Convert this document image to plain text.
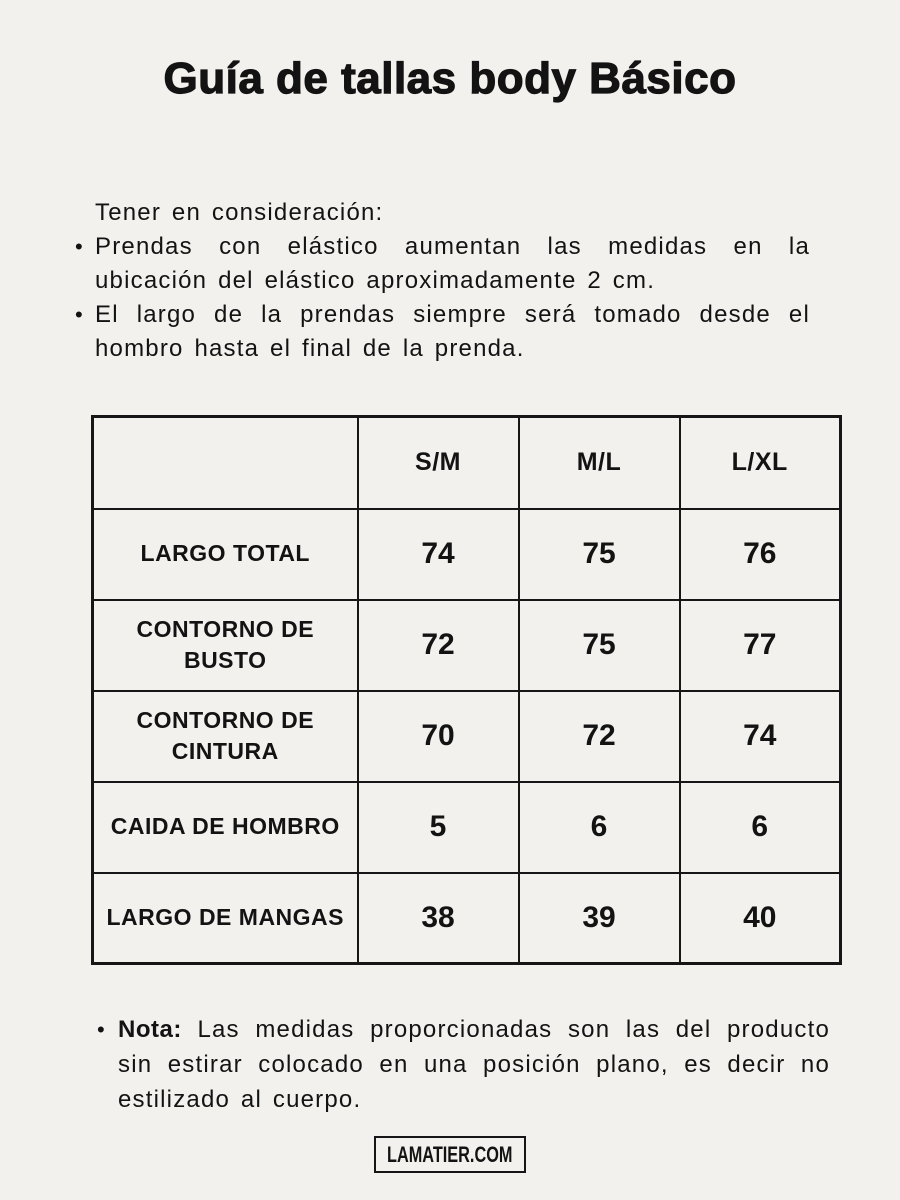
Guía de tallas body Básico

Tener en consideración:

• Prendas con elástico aumentan las medidas en la ubicación del elástico aproximadamente 2 cm.
• El largo de la prendas siempre será tomado desde el hombro hasta el final de la prenda.
	S/M	M/L	L/XL
LARGO TOTAL	74	75	76
CONTORNO DE BUSTO	72	75	77
CONTORNO DE CINTURA	70	72	74
CAIDA DE HOMBRO	5	6	6
LARGO DE MANGAS	38	39	40

• Nota: Las medidas proporcionadas son las del producto sin estirar colocado en una posición plano, es decir no estilizado al cuerpo.

LAMATIER.COM
